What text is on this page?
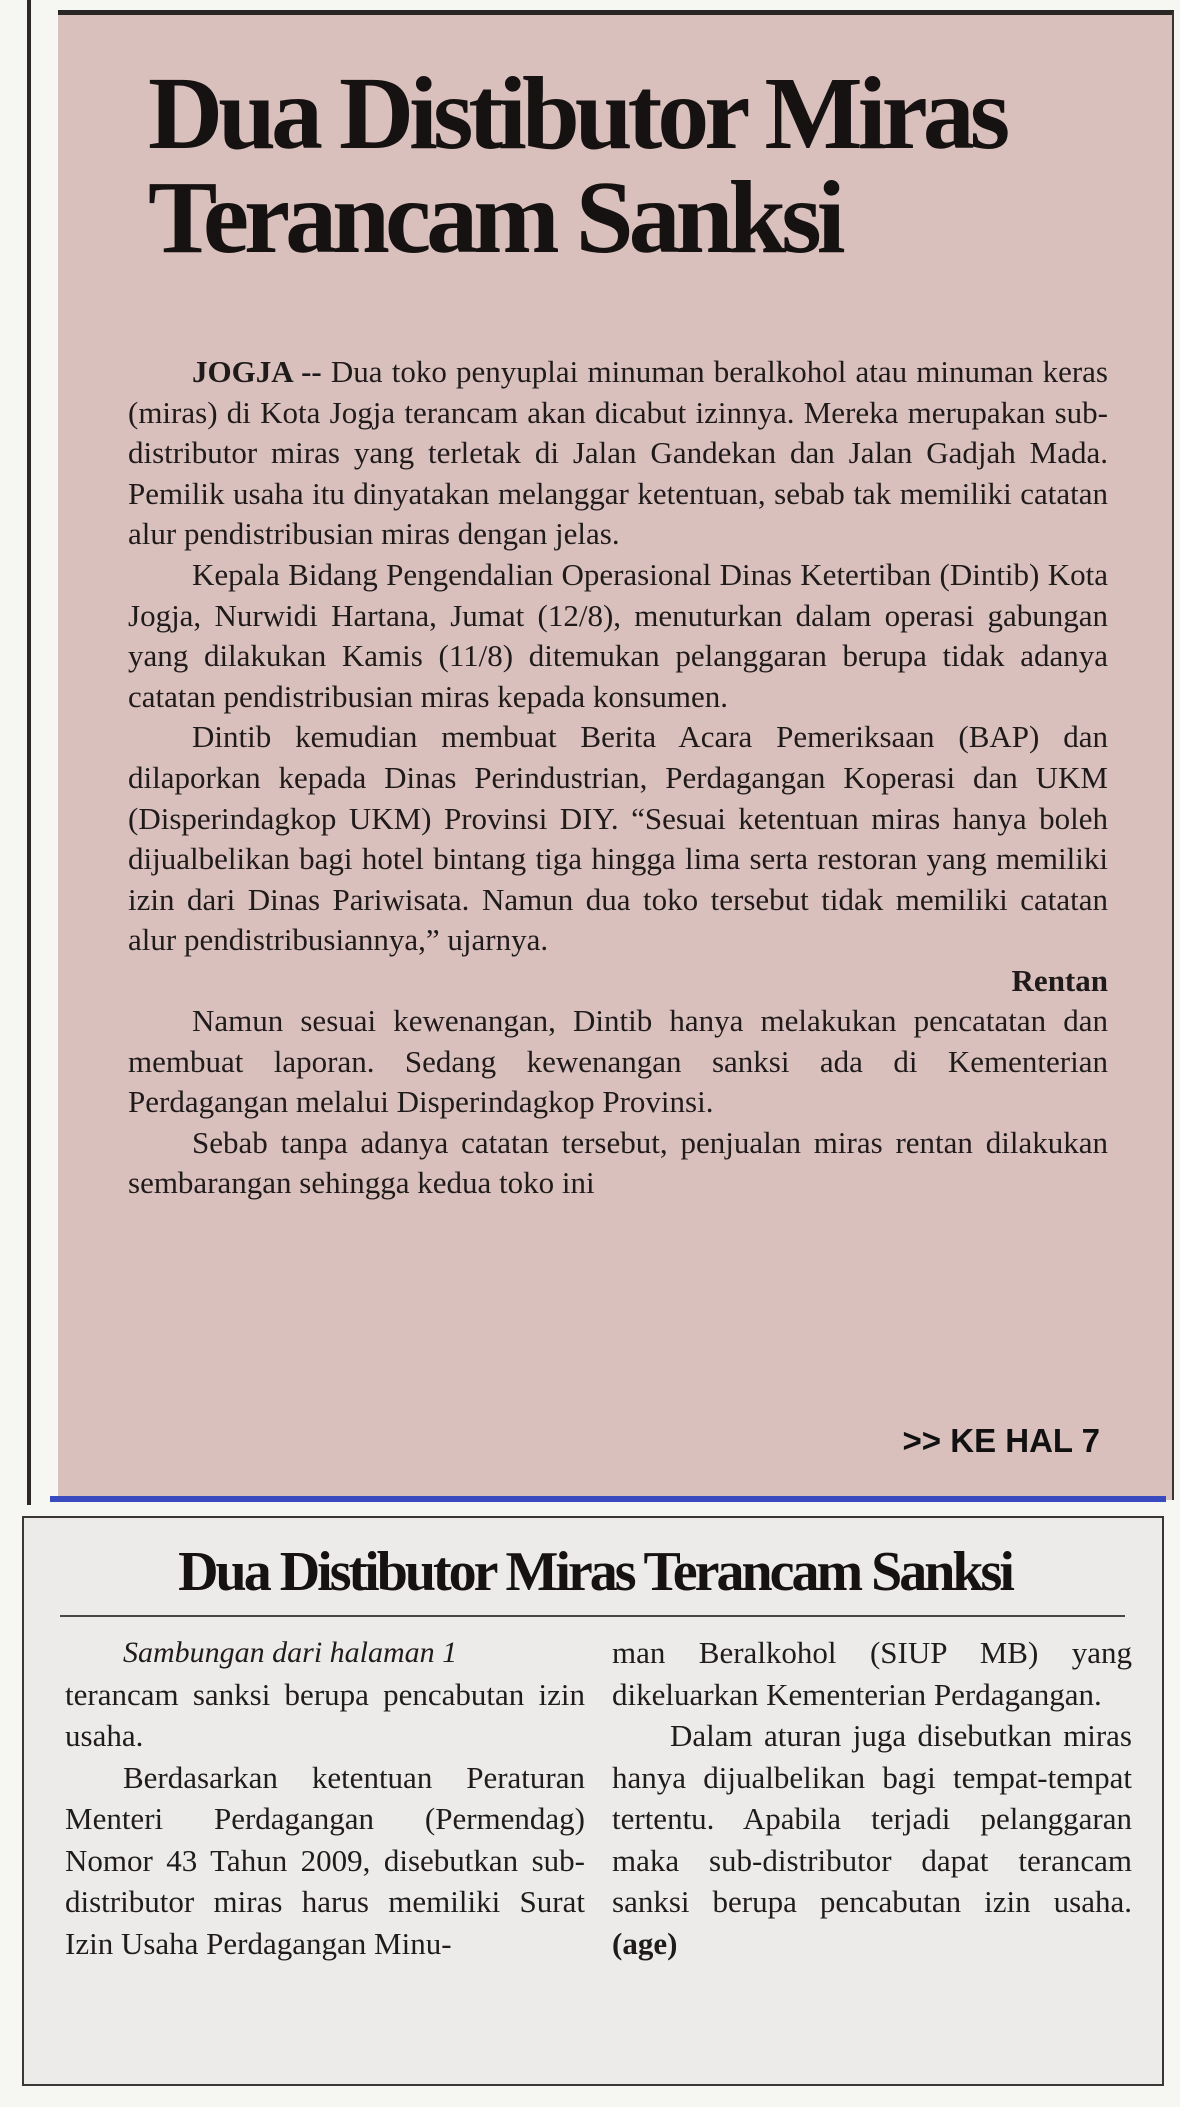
Dua Distibutor Miras
Terancam Sanksi

JOGJA -- Dua toko penyuplai minuman beralkohol atau minuman keras (miras) di Kota Jogja terancam akan dicabut izinnya. Mereka merupakan sub-distributor miras yang terletak di Jalan Gandekan dan Jalan Gadjah Mada. Pemilik usaha itu dinyatakan melanggar ketentuan, sebab tak memiliki catatan alur pendistribusian miras dengan jelas.

Kepala Bidang Pengendalian Operasional Dinas Ketertiban (Dintib) Kota Jogja, Nurwidi Hartana, Jumat (12/8), menuturkan dalam operasi gabungan yang dilakukan Kamis (11/8) ditemukan pelanggaran berupa tidak adanya catatan pendistribusian miras kepada konsumen.

Dintib kemudian membuat Berita Acara Pemeriksaan (BAP) dan dilaporkan kepada Dinas Perindustrian, Perdagangan Koperasi dan UKM (Disperindagkop UKM) Provinsi DIY. “Sesuai ketentuan miras hanya boleh dijualbelikan bagi hotel bintang tiga hingga lima serta restoran yang memiliki izin dari Dinas Pariwisata. Namun dua toko tersebut tidak memiliki catatan alur pendistribusiannya,” ujarnya.

Rentan

Namun sesuai kewenangan, Dintib hanya melakukan pencatatan dan membuat laporan. Sedang kewenangan sanksi ada di Kementerian Perdagangan melalui Disperindagkop Provinsi.

Sebab tanpa adanya catatan tersebut, penjualan miras rentan dilakukan sembarangan sehingga kedua toko ini

>> KE HAL 7
Dua Distibutor Miras Terancam Sanksi

Sambungan dari halaman 1

terancam sanksi berupa pencabutan izin usaha.

Berdasarkan ketentuan Peraturan Menteri Perdagangan (Permendag) Nomor 43 Tahun 2009, disebutkan sub-distributor miras harus memiliki Surat Izin Usaha Perdagangan Minu-

man Beralkohol (SIUP MB) yang dikeluarkan Kementerian Perdagangan.

Dalam aturan juga disebutkan miras hanya dijualbelikan bagi tempat-tempat tertentu. Apabila terjadi pelanggaran maka sub-distributor dapat terancam sanksi berupa pencabutan izin usaha. (age)
